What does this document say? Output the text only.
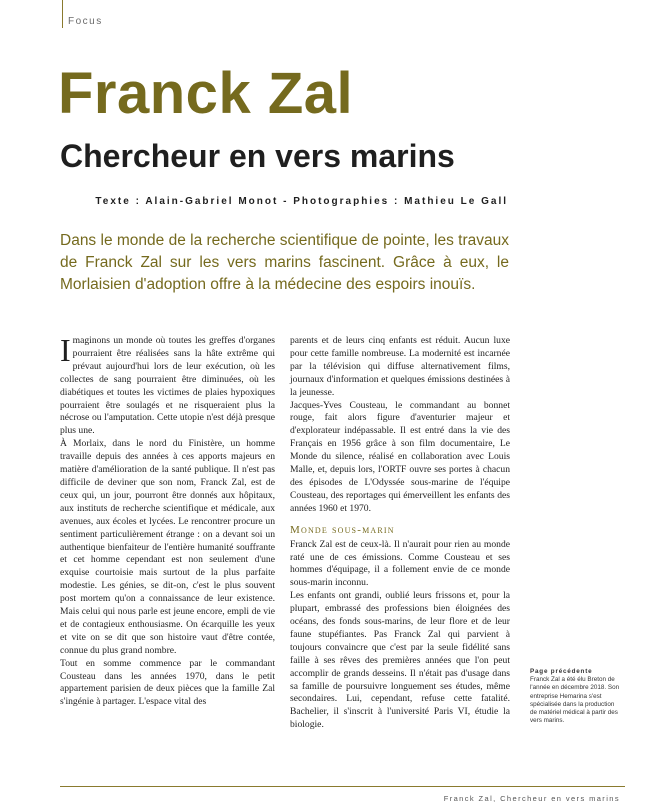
Focus
Franck Zal
Chercheur en vers marins
Texte : Alain-Gabriel Monot - Photographies : Mathieu Le Gall

Dans le monde de la recherche scientifique de pointe, les travaux de Franck Zal sur les vers marins fascinent. Grâce à eux, le Morlaisien d'adoption offre à la médecine des espoirs inouïs.

I maginons un monde où toutes les greffes d'organes pourraient être réalisées sans la hâte extrême qui prévaut aujourd'hui lors de leur exécution, où les collectes de sang pourraient être diminuées, où les diabétiques et toutes les victimes de plaies hypoxiques pourraient être soulagés et ne risqueraient plus la nécrose ou l'amputation. Cette utopie n'est déjà presque plus une.

À Morlaix, dans le nord du Finistère, un homme travaille depuis des années à ces apports majeurs en matière d'amélioration de la santé publique. Il n'est pas difficile de deviner que son nom, Franck Zal, est de ceux qui, un jour, pourront être donnés aux hôpitaux, aux instituts de recherche scientifique et médicale, aux avenues, aux écoles et lycées. Le rencontrer procure un sentiment particulièrement étrange : on a devant soi un authentique bienfaiteur de l'entière humanité souffrante et cet homme cependant est non seulement d'une exquise courtoisie mais surtout de la plus parfaite modestie. Les génies, se dit-on, c'est le plus souvent post mortem qu'on a connaissance de leur existence. Mais celui qui nous parle est jeune encore, empli de vie et de contagieux enthousiasme. On écarquille les yeux et vite on se dit que son histoire vaut d'être contée, connue du plus grand nombre.

Tout en somme commence par le commandant Cousteau dans les années 1970, dans le petit appartement parisien de deux pièces que la famille Zal s'ingénie à partager. L'espace vital des

parents et de leurs cinq enfants est réduit. Aucun luxe pour cette famille nombreuse. La modernité est incarnée par la télévision qui diffuse alternativement films, journaux d'information et quelques émissions destinées à la jeunesse.

Jacques-Yves Cousteau, le commandant au bonnet rouge, fait alors figure d'aventurier majeur et d'explorateur indépassable. Il est entré dans la vie des Français en 1956 grâce à son film documentaire, Le Monde du silence, réalisé en collaboration avec Louis Malle, et, depuis lors, l'ORTF ouvre ses portes à chacun des épisodes de L'Odyssée sous-marine de l'équipe Cousteau, des reportages qui émerveillent les enfants des années 1960 et 1970.

Monde sous-marin

Franck Zal est de ceux-là. Il n'aurait pour rien au monde raté une de ces émissions. Comme Cousteau et ses hommes d'équipage, il a follement envie de ce monde sous-marin inconnu.

Les enfants ont grandi, oublié leurs frissons et, pour la plupart, embrassé des professions bien éloignées des océans, des fonds sous-marins, de leur flore et de leur faune stupéfiantes. Pas Franck Zal qui parvient à toujours convaincre que c'est par la seule fidélité sans faille à ses rêves des premières années que l'on peut accomplir de grands desseins. Il n'était pas d'usage dans sa famille de poursuivre longuement ses études, même secondaires. Lui, cependant, refuse cette fatalité. Bachelier, il s'inscrit à l'université Paris VI, étudie la biologie.

Page précédente
Franck Zal a été élu Breton de l'année en décembre 2018. Son entreprise Hemarina s'est spécialisée dans la production de matériel médical à partir des vers marins.
Franck Zal, Chercheur en vers marins
